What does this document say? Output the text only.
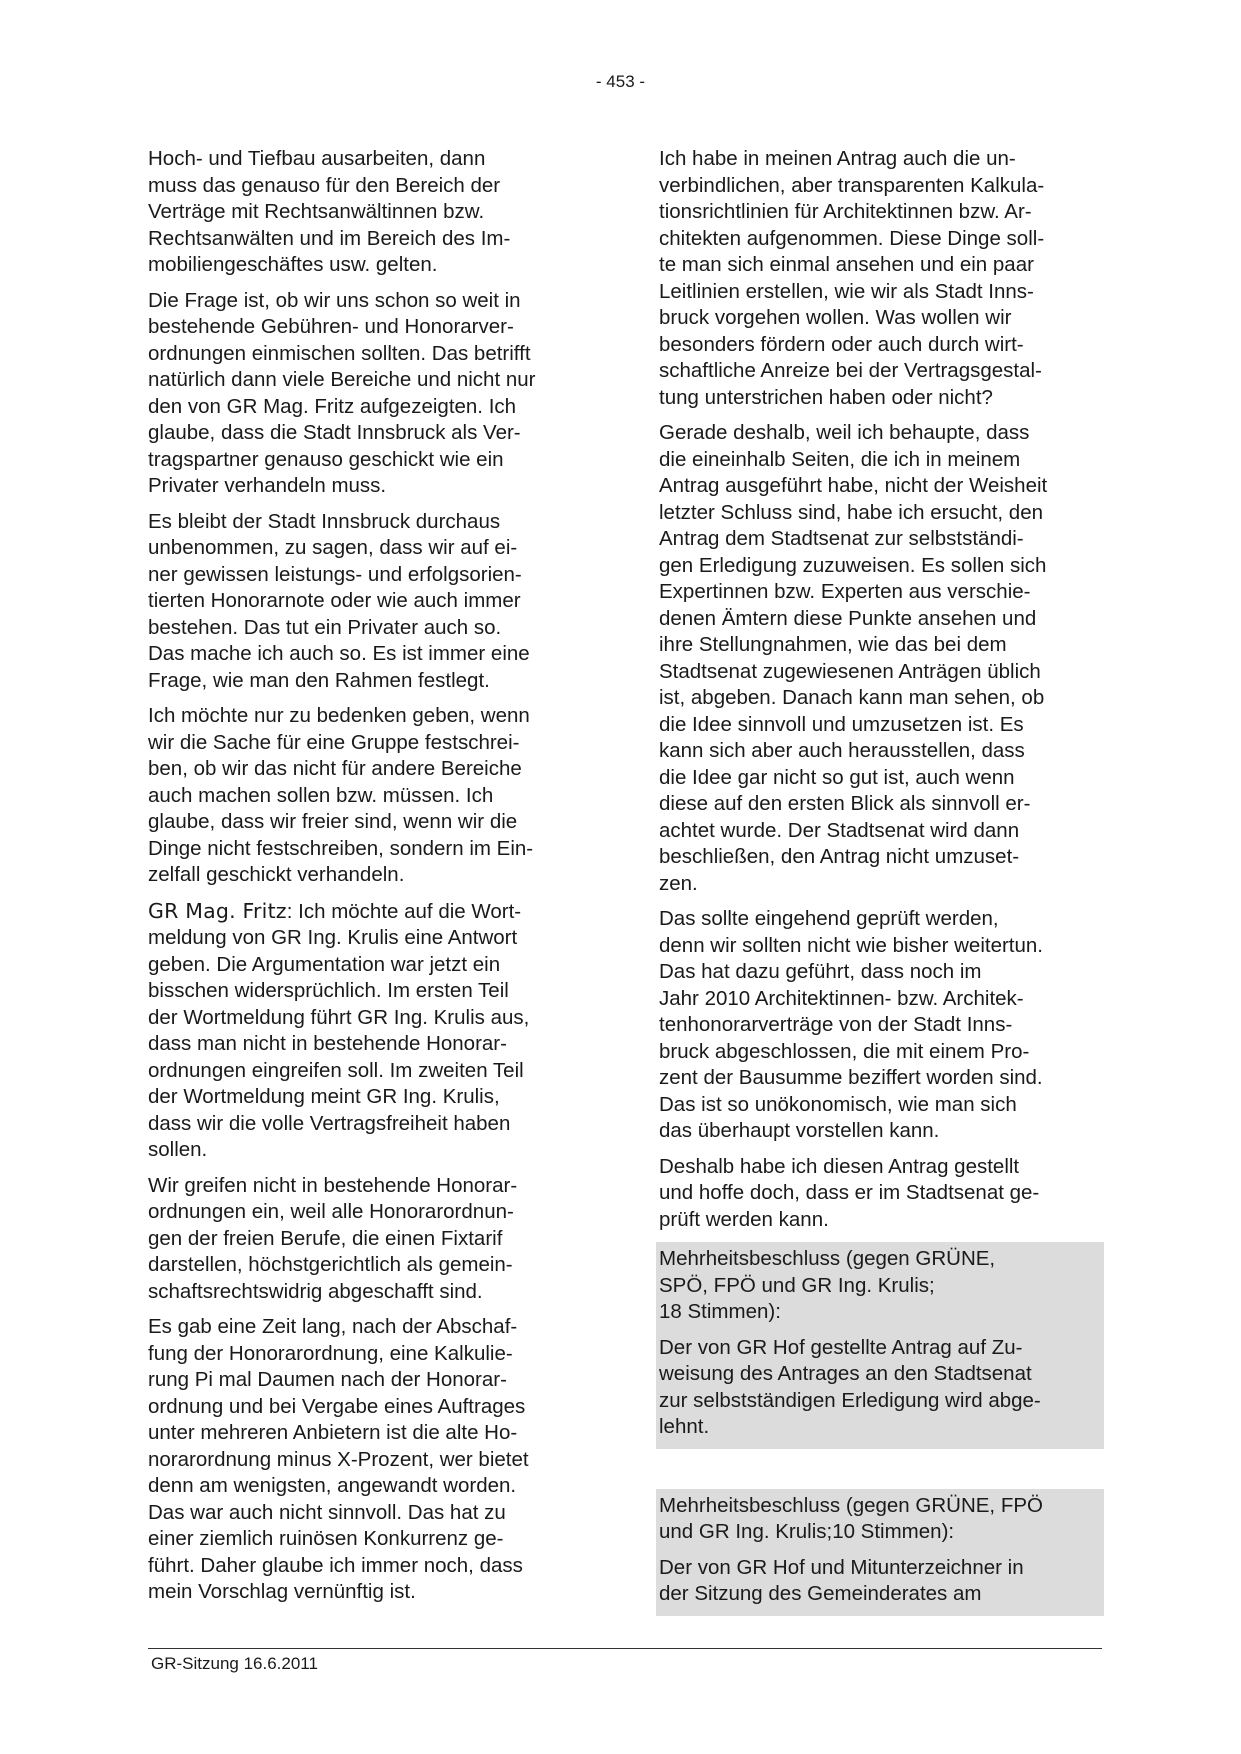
- 453 -

Hoch- und Tiefbau ausarbeiten, dann
muss das genauso für den Bereich der
Verträge mit Rechtsanwältinnen bzw.
Rechtsanwälten und im Bereich des Im-
mobiliengeschäftes usw. gelten.

Die Frage ist, ob wir uns schon so weit in
bestehende Gebühren- und Honorarver-
ordnungen einmischen sollten. Das betrifft
natürlich dann viele Bereiche und nicht nur
den von GR Mag. Fritz aufgezeigten. Ich
glaube, dass die Stadt Innsbruck als Ver-
tragspartner genauso geschickt wie ein
Privater verhandeln muss.

Es bleibt der Stadt Innsbruck durchaus
unbenommen, zu sagen, dass wir auf ei-
ner gewissen leistungs- und erfolgsorien-
tierten Honorarnote oder wie auch immer
bestehen. Das tut ein Privater auch so.
Das mache ich auch so. Es ist immer eine
Frage, wie man den Rahmen festlegt.

Ich möchte nur zu bedenken geben, wenn
wir die Sache für eine Gruppe festschrei-
ben, ob wir das nicht für andere Bereiche
auch machen sollen bzw. müssen. Ich
glaube, dass wir freier sind, wenn wir die
Dinge nicht festschreiben, sondern im Ein-
zelfall geschickt verhandeln.

GR Mag. Fritz: Ich möchte auf die Wort-
meldung von GR Ing. Krulis eine Antwort
geben. Die Argumentation war jetzt ein
bisschen widersprüchlich. Im ersten Teil
der Wortmeldung führt GR Ing. Krulis aus,
dass man nicht in bestehende Honorar-
ordnungen eingreifen soll. Im zweiten Teil
der Wortmeldung meint GR Ing. Krulis,
dass wir die volle Vertragsfreiheit haben
sollen.

Wir greifen nicht in bestehende Honorar-
ordnungen ein, weil alle Honorarordnun-
gen der freien Berufe, die einen Fixtarif
darstellen, höchstgerichtlich als gemein-
schaftsrechtswidrig abgeschafft sind.

Es gab eine Zeit lang, nach der Abschaf-
fung der Honorarordnung, eine Kalkulie-
rung Pi mal Daumen nach der Honorar-
ordnung und bei Vergabe eines Auftrages
unter mehreren Anbietern ist die alte Ho-
norarordnung minus X-Prozent, wer bietet
denn am wenigsten, angewandt worden.
Das war auch nicht sinnvoll. Das hat zu
einer ziemlich ruinösen Konkurrenz ge-
führt. Daher glaube ich immer noch, dass
mein Vorschlag vernünftig ist.

Ich habe in meinen Antrag auch die un-
verbindlichen, aber transparenten Kalkula-
tionsrichtlinien für Architektinnen bzw. Ar-
chitekten aufgenommen. Diese Dinge soll-
te man sich einmal ansehen und ein paar
Leitlinien erstellen, wie wir als Stadt Inns-
bruck vorgehen wollen. Was wollen wir
besonders fördern oder auch durch wirt-
schaftliche Anreize bei der Vertragsgestal-
tung unterstrichen haben oder nicht?

Gerade deshalb, weil ich behaupte, dass
die eineinhalb Seiten, die ich in meinem
Antrag ausgeführt habe, nicht der Weisheit
letzter Schluss sind, habe ich ersucht, den
Antrag dem Stadtsenat zur selbstständi-
gen Erledigung zuzuweisen. Es sollen sich
Expertinnen bzw. Experten aus verschie-
denen Ämtern diese Punkte ansehen und
ihre Stellungnahmen, wie das bei dem
Stadtsenat zugewiesenen Anträgen üblich
ist, abgeben. Danach kann man sehen, ob
die Idee sinnvoll und umzusetzen ist. Es
kann sich aber auch herausstellen, dass
die Idee gar nicht so gut ist, auch wenn
diese auf den ersten Blick als sinnvoll er-
achtet wurde. Der Stadtsenat wird dann
beschließen, den Antrag nicht umzuset-
zen.

Das sollte eingehend geprüft werden,
denn wir sollten nicht wie bisher weitertun.
Das hat dazu geführt, dass noch im
Jahr 2010 Architektinnen- bzw. Architek-
tenhonorarverträge von der Stadt Inns-
bruck abgeschlossen, die mit einem Pro-
zent der Bausumme beziffert worden sind.
Das ist so unökonomisch, wie man sich
das überhaupt vorstellen kann.

Deshalb habe ich diesen Antrag gestellt
und hoffe doch, dass er im Stadtsenat ge-
prüft werden kann.

Mehrheitsbeschluss (gegen GRÜNE,
SPÖ, FPÖ und GR Ing. Krulis;
18 Stimmen):

Der von GR Hof gestellte Antrag auf Zu-
weisung des Antrages an den Stadtsenat
zur selbstständigen Erledigung wird abge-
lehnt.

Mehrheitsbeschluss (gegen GRÜNE, FPÖ
und GR Ing. Krulis;10 Stimmen):

Der von GR Hof und Mitunterzeichner in
der Sitzung des Gemeinderates am

GR-Sitzung 16.6.2011
